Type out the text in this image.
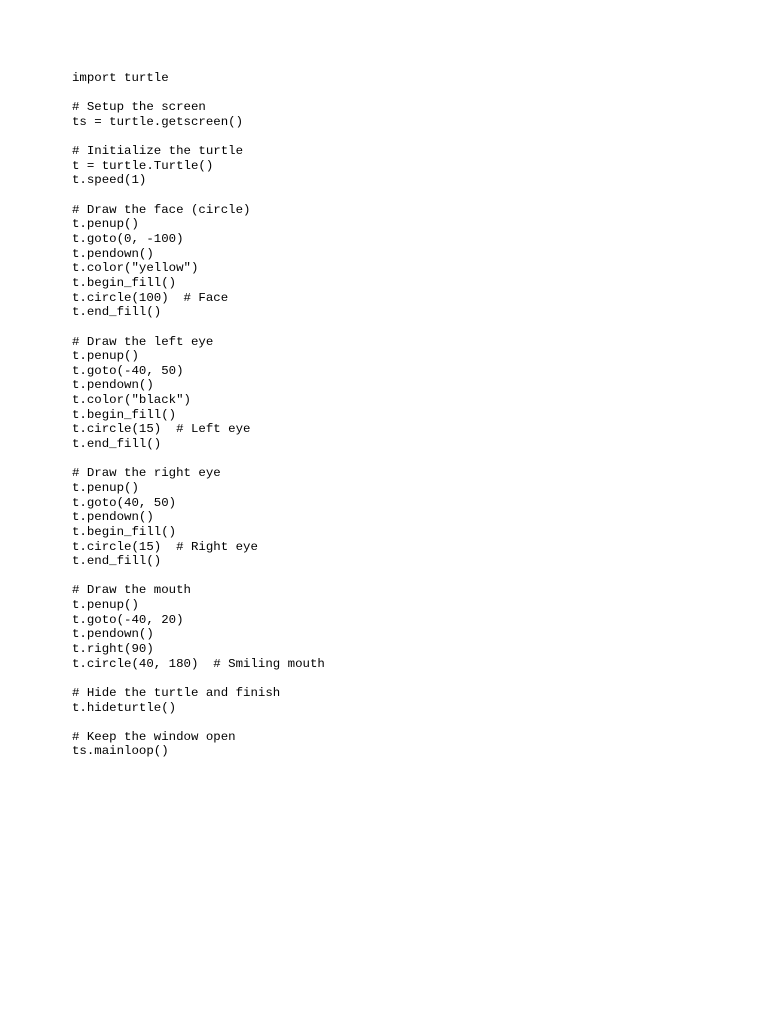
import turtle
# Setup the screen
ts = turtle.getscreen()
# Initialize the turtle
t = turtle.Turtle()
t.speed(1)
# Draw the face (circle)
t.penup()
t.goto(0, -100)
t.pendown()
t.color("yellow")
t.begin_fill()
t.circle(100)  # Face
t.end_fill()
# Draw the left eye
t.penup()
t.goto(-40, 50)
t.pendown()
t.color("black")
t.begin_fill()
t.circle(15)  # Left eye
t.end_fill()
# Draw the right eye
t.penup()
t.goto(40, 50)
t.pendown()
t.begin_fill()
t.circle(15)  # Right eye
t.end_fill()
# Draw the mouth
t.penup()
t.goto(-40, 20)
t.pendown()
t.right(90)
t.circle(40, 180)  # Smiling mouth
# Hide the turtle and finish
t.hideturtle()
# Keep the window open
ts.mainloop()
